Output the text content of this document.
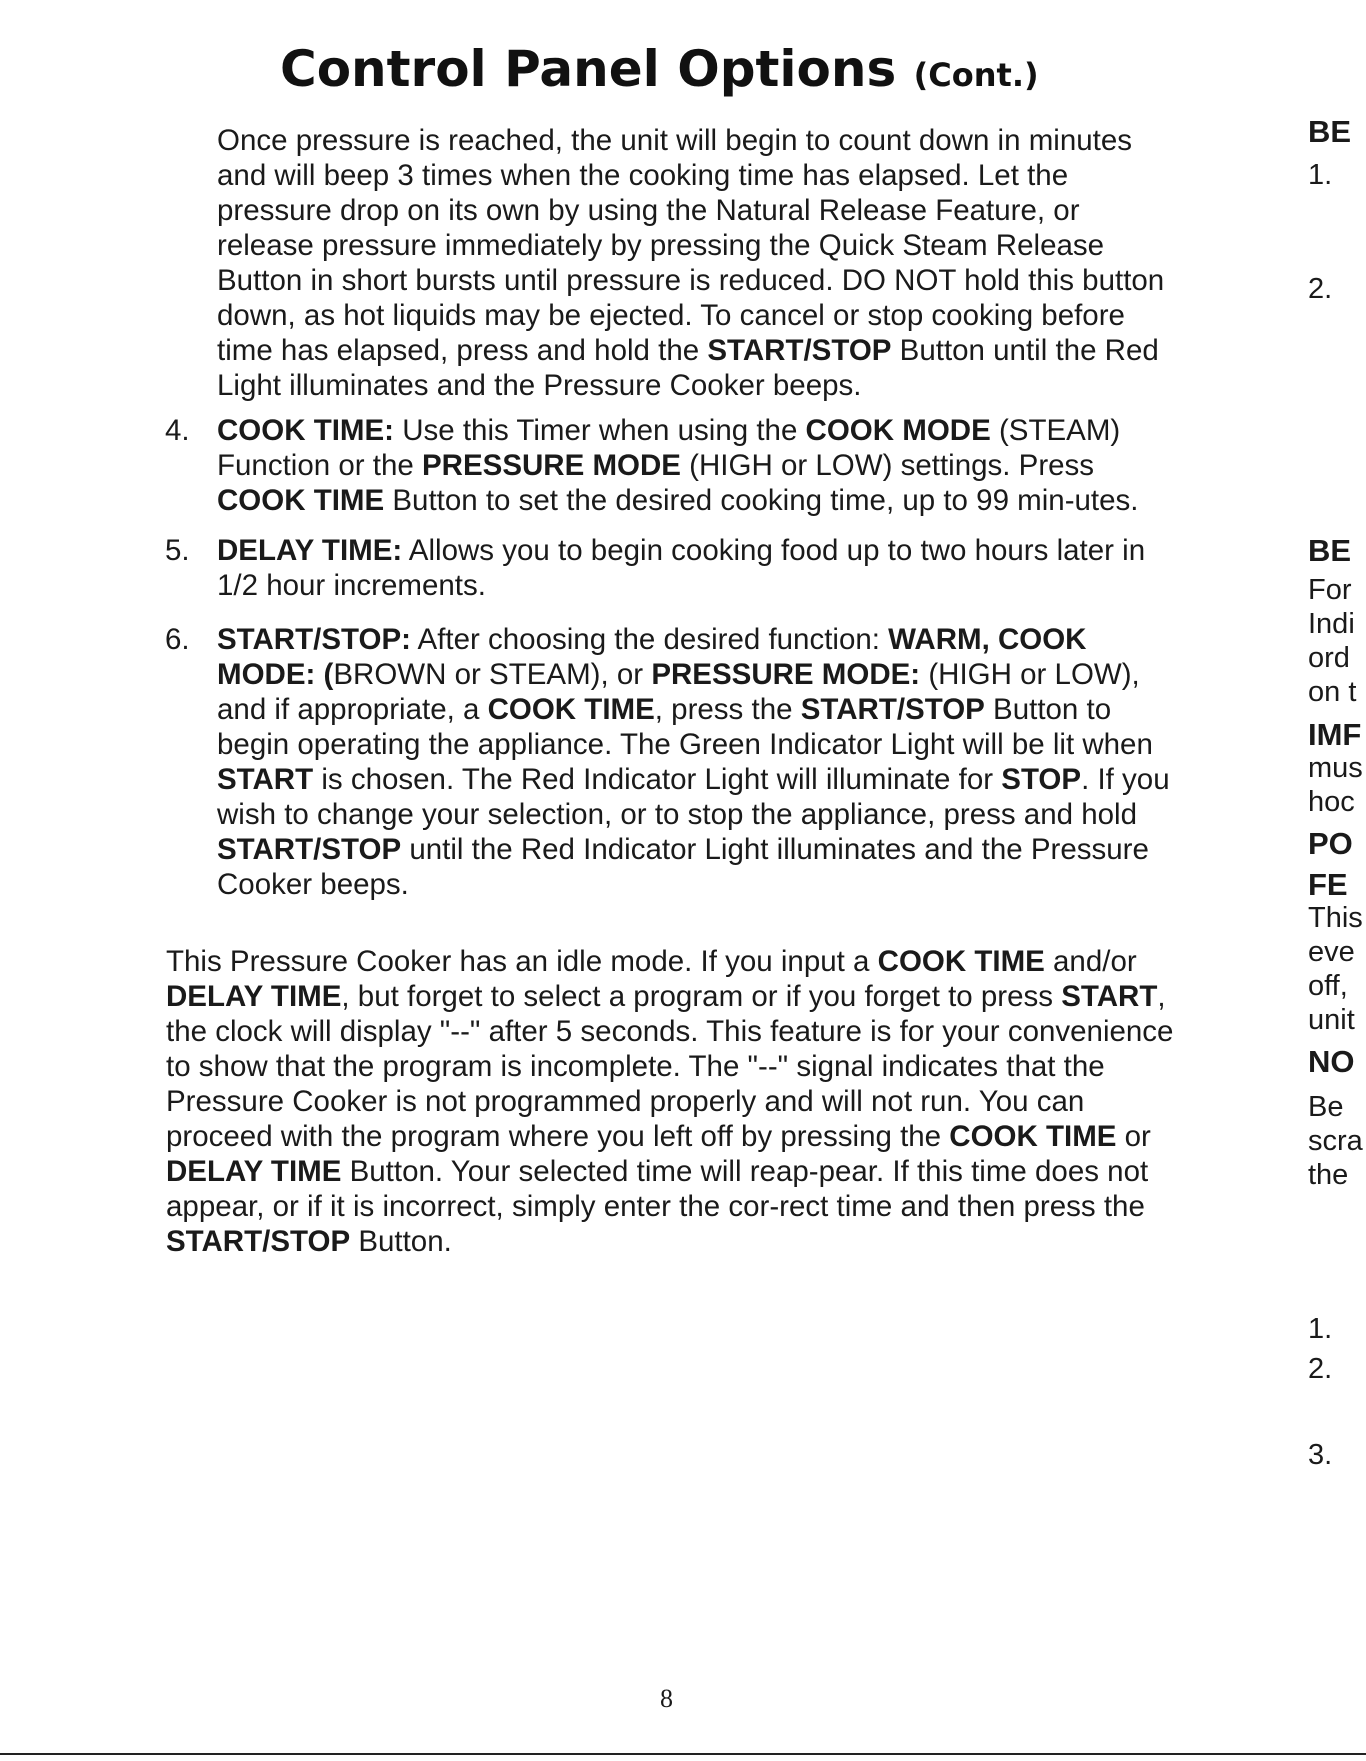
Control Panel Options (Cont.)

Once pressure is reached, the unit will begin to count down in minutes and will beep 3 times when the cooking time has elapsed. Let the pressure drop on its own by using the Natural Release Feature, or release pressure immediately by pressing the Quick Steam Release Button in short bursts until pressure is reduced. DO NOT hold this button down, as hot liquids may be ejected. To cancel or stop cooking before time has elapsed, press and hold the START/STOP Button until the Red Light illuminates and the Pressure Cooker beeps.

4. COOK TIME: Use this Timer when using the COOK MODE (STEAM) Function or the PRESSURE MODE (HIGH or LOW) settings. Press COOK TIME Button to set the desired cooking time, up to 99 min-utes.
5. DELAY TIME: Allows you to begin cooking food up to two hours later in 1/2 hour increments.
6. START/STOP: After choosing the desired function: WARM, COOK MODE: (BROWN or STEAM), or PRESSURE MODE: (HIGH or LOW), and if appropriate, a COOK TIME, press the START/STOP Button to begin operating the appliance. The Green Indicator Light will be lit when START is chosen. The Red Indicator Light will illuminate for STOP. If you wish to change your selection, or to stop the appliance, press and hold START/STOP until the Red Indicator Light illuminates and the Pressure Cooker beeps.

This Pressure Cooker has an idle mode. If you input a COOK TIME and/or DELAY TIME, but forget to select a program or if you forget to press START, the clock will display "--" after 5 seconds. This feature is for your convenience to show that the program is incomplete. The "--" signal indicates that the Pressure Cooker is not programmed properly and will not run. You can proceed with the program where you left off by pressing the COOK TIME or DELAY TIME Button. Your selected time will reap-pear. If this time does not appear, or if it is incorrect, simply enter the cor-rect time and then press the START/STOP Button.

8
BE
1.
2.
BE
For
Indi
ord
on t
IMF
mus
hoc
PO
FE
This
eve
off,
unit
NO
Be
scra
the
1.
2.
3.
